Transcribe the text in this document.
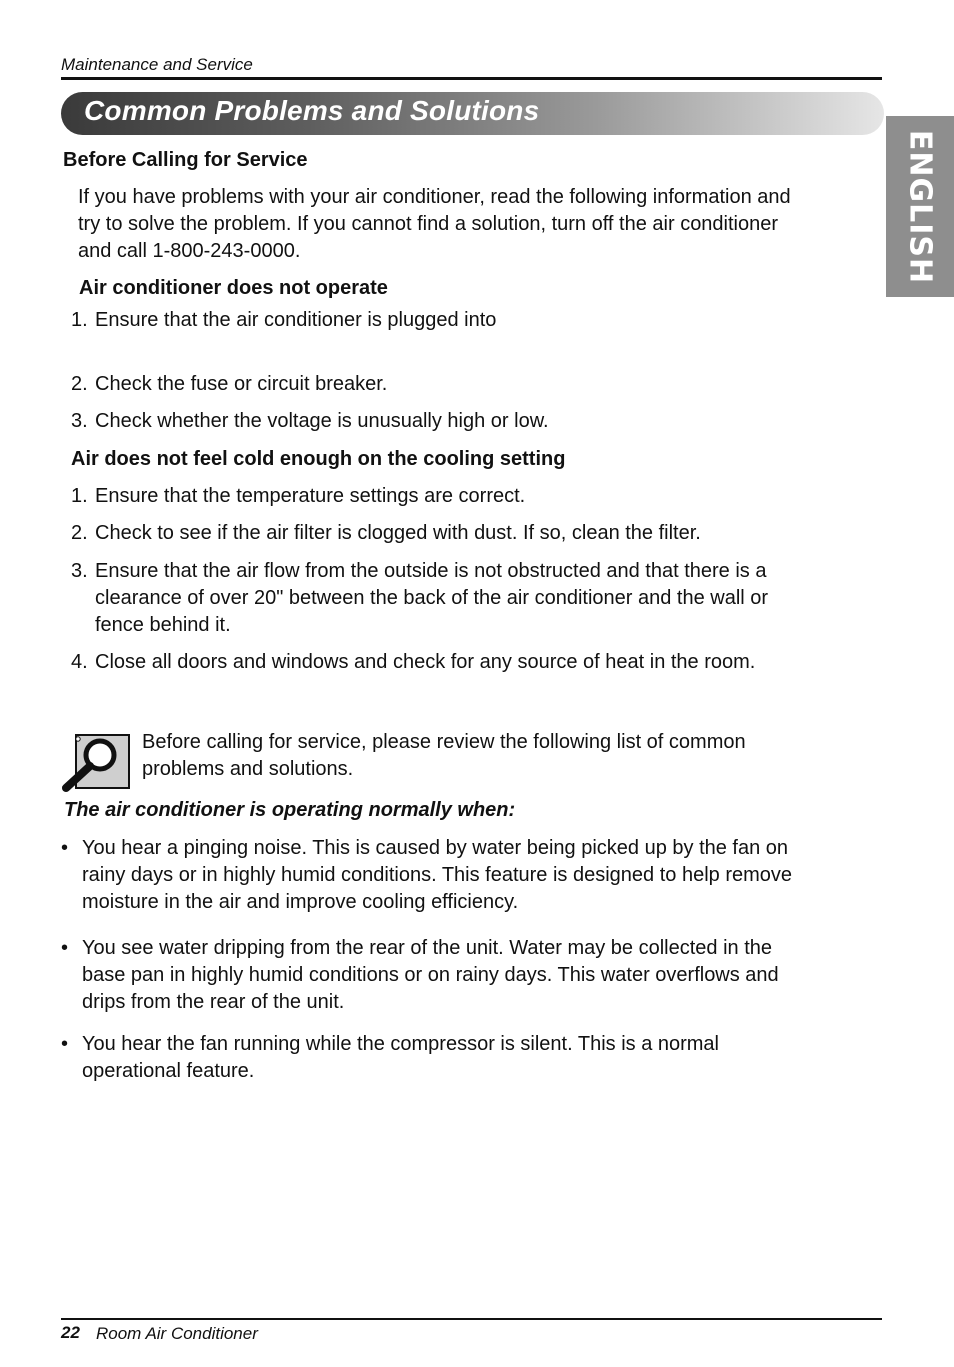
Maintenance and Service
Common Problems and Solutions
ENGLISH
Before Calling for Service
If you have problems with your air conditioner, read the following information and
try to solve the problem. If you cannot find a solution, turn off the air conditioner
and call 1-800-243-0000.
Air conditioner does not operate
1. Ensure that the air conditioner is plugged into
2. Check the fuse or circuit breaker.
3. Check whether the voltage is unusually high or low.
Air does not feel cold enough on the cooling setting
1. Ensure that the temperature settings are correct.
2. Check to see if the air filter is clogged with dust. If so, clean the filter.
3. Ensure that the air flow from the outside is not obstructed and that there is a
clearance of over 20" between the back of the air conditioner and the wall or
fence behind it.
4. Close all doors and windows and check for any source of heat in the room.
Before calling for service, please review the following list of common
problems and solutions.
The air conditioner is operating normally when:
• You hear a pinging noise. This is caused by water being picked up by the fan on
rainy days or in highly humid conditions. This feature is designed to help remove
moisture in the air and improve cooling efficiency.
• You see water dripping from the rear of the unit. Water may be collected in the
base pan in highly humid conditions or on rainy days. This water overflows and
drips from the rear of the unit.
• You hear the fan running while the compressor is silent. This is a normal
operational feature.
22 Room Air Conditioner
